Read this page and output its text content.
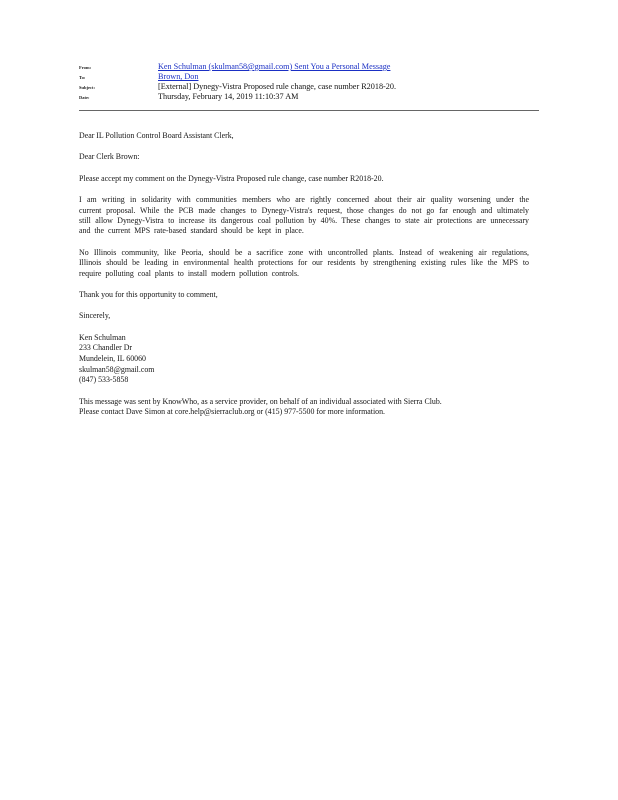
From:	Ken Schulman (skulman58@gmail.com) Sent You a Personal Message
To:	Brown, Don
Subject:	[External] Dynegy-Vistra Proposed rule change, case number R2018-20.
Date:	Thursday, February 14, 2019 11:10:37 AM

Dear IL Pollution Control Board Assistant Clerk,

Dear Clerk Brown:

Please accept my comment on the Dynegy-Vistra Proposed rule change, case number R2018-20.

I am writing in solidarity with communities members who are rightly concerned about their air quality worsening under the current proposal. While the PCB made changes to Dynegy-Vistra's request, those changes do not go far enough and ultimately still allow Dynegy-Vistra to increase its dangerous coal pollution by 40%. These changes to state air protections are unnecessary and the current MPS rate-based standard should be kept in place.

No Illinois community, like Peoria, should be a sacrifice zone with uncontrolled plants. Instead of weakening air regulations, Illinois should be leading in environmental health protections for our residents by strengthening existing rules like the MPS to require polluting coal plants to install modern pollution controls.

Thank you for this opportunity to comment,

Sincerely,

Ken Schulman
233 Chandler Dr
Mundelein, IL 60060
skulman58@gmail.com
(847) 533-5858
This message was sent by KnowWho, as a service provider, on behalf of an individual associated with Sierra Club.
Please contact Dave Simon at core.help@sierraclub.org or (415) 977-5500 for more information.
